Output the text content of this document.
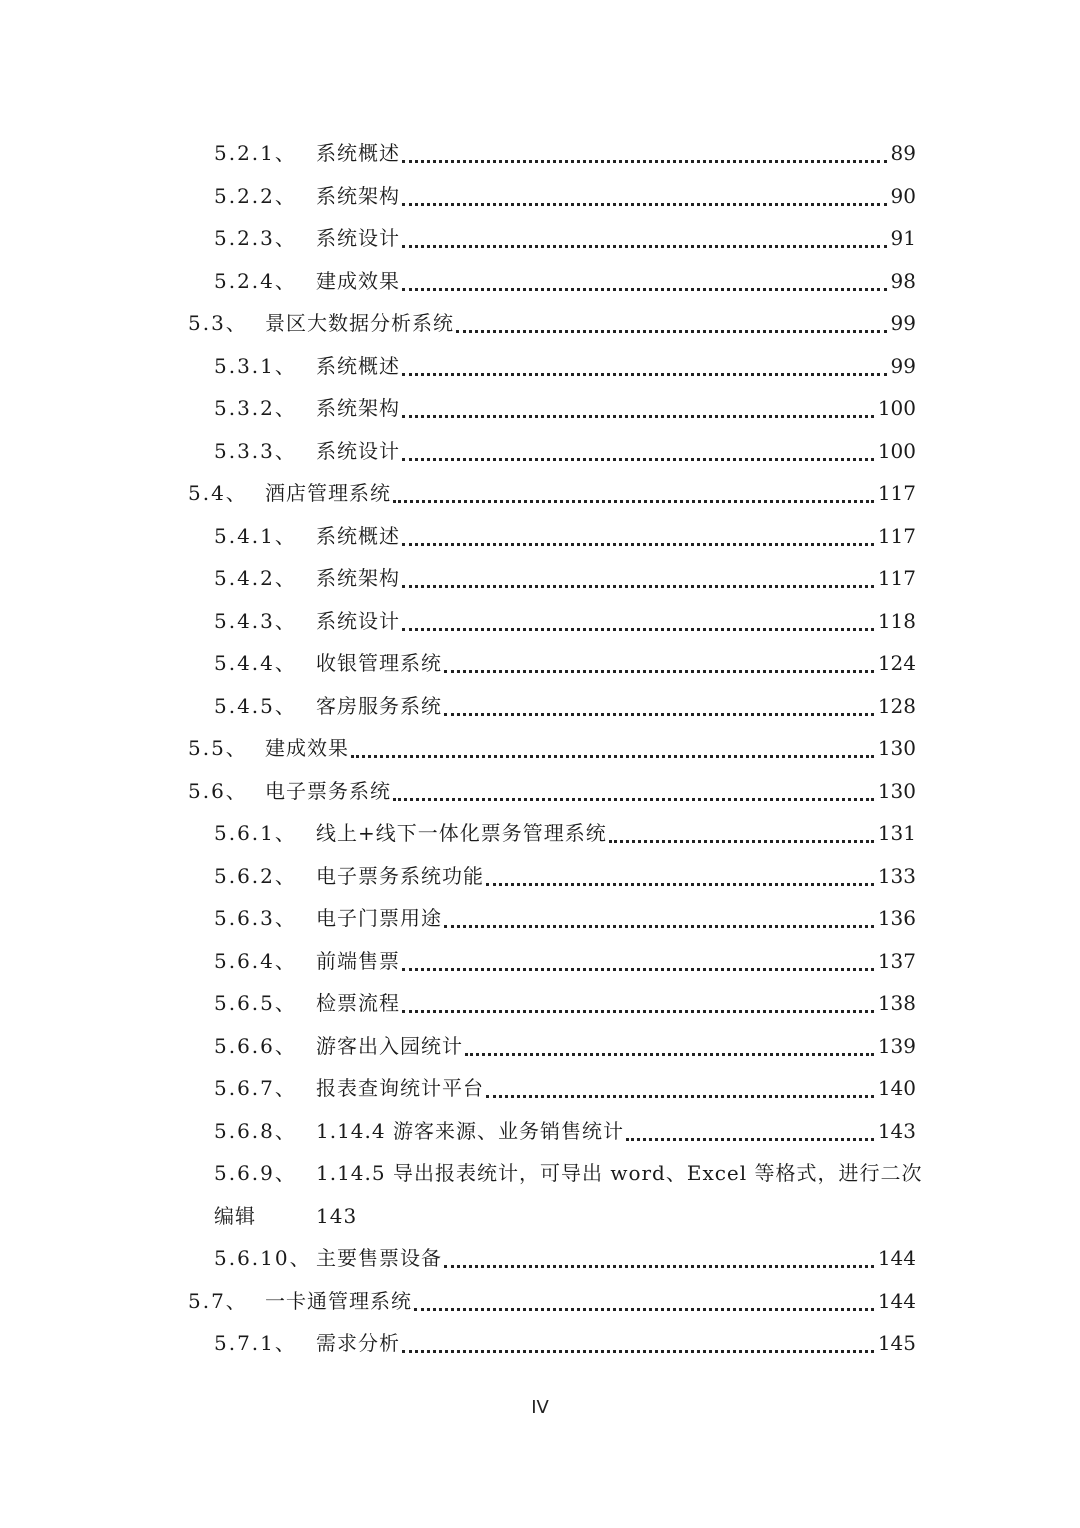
5.2.1、 系统概述	89
5.2.2、 系统架构	90
5.2.3、 系统设计	91
5.2.4、 建成效果	98
5.3、 景区大数据分析系统	99
5.3.1、 系统概述	99
5.3.2、 系统架构	100
5.3.3、 系统设计	100
5.4、 酒店管理系统	117
5.4.1、 系统概述	117
5.4.2、 系统架构	117
5.4.3、 系统设计	118
5.4.4、 收银管理系统	124
5.4.5、 客房服务系统	128
5.5、 建成效果	130
5.6、 电子票务系统	130
5.6.1、 线上+线下一体化票务管理系统	131
5.6.2、 电子票务系统功能	133
5.6.3、 电子门票用途	136
5.6.4、 前端售票	137
5.6.5、 检票流程	138
5.6.6、 游客出入园统计	139
5.6.7、 报表查询统计平台	140
5.6.8、 1.14.4 游客来源、业务销售统计	143
5.6.9、 1.14.5 导出报表统计，可导出 word、Excel 等格式，进行二次
编辑	143
5.6.10、 主要售票设备	144
5.7、 一卡通管理系统	144
5.7.1、 需求分析	145
IV
